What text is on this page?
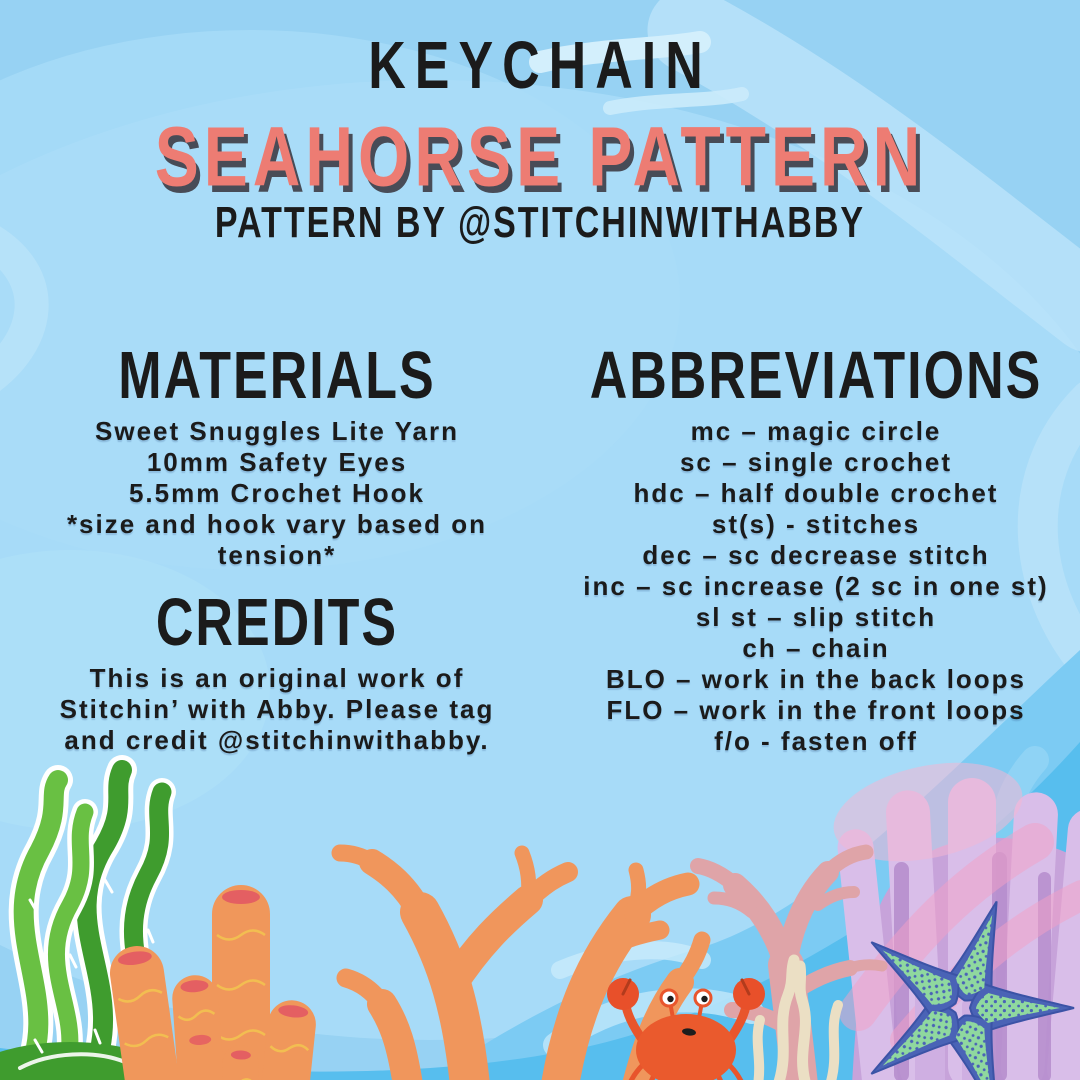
KEYCHAIN
SEAHORSE PATTERN
PATTERN BY @STITCHINWITHABBY
MATERIALS
Sweet Snuggles Lite Yarn
10mm Safety Eyes
5.5mm Crochet Hook
*size and hook vary based on tension*
CREDITS
This is an original work of Stitchin’ with Abby. Please tag and credit @stitchinwithabby.
ABBREVIATIONS
mc – magic circle
sc – single crochet
hdc – half double crochet
st(s) - stitches
dec – sc decrease stitch
inc – sc increase (2 sc in one st)
sl st – slip stitch
ch – chain
BLO – work in the back loops
FLO – work in the front loops
f/o - fasten off
